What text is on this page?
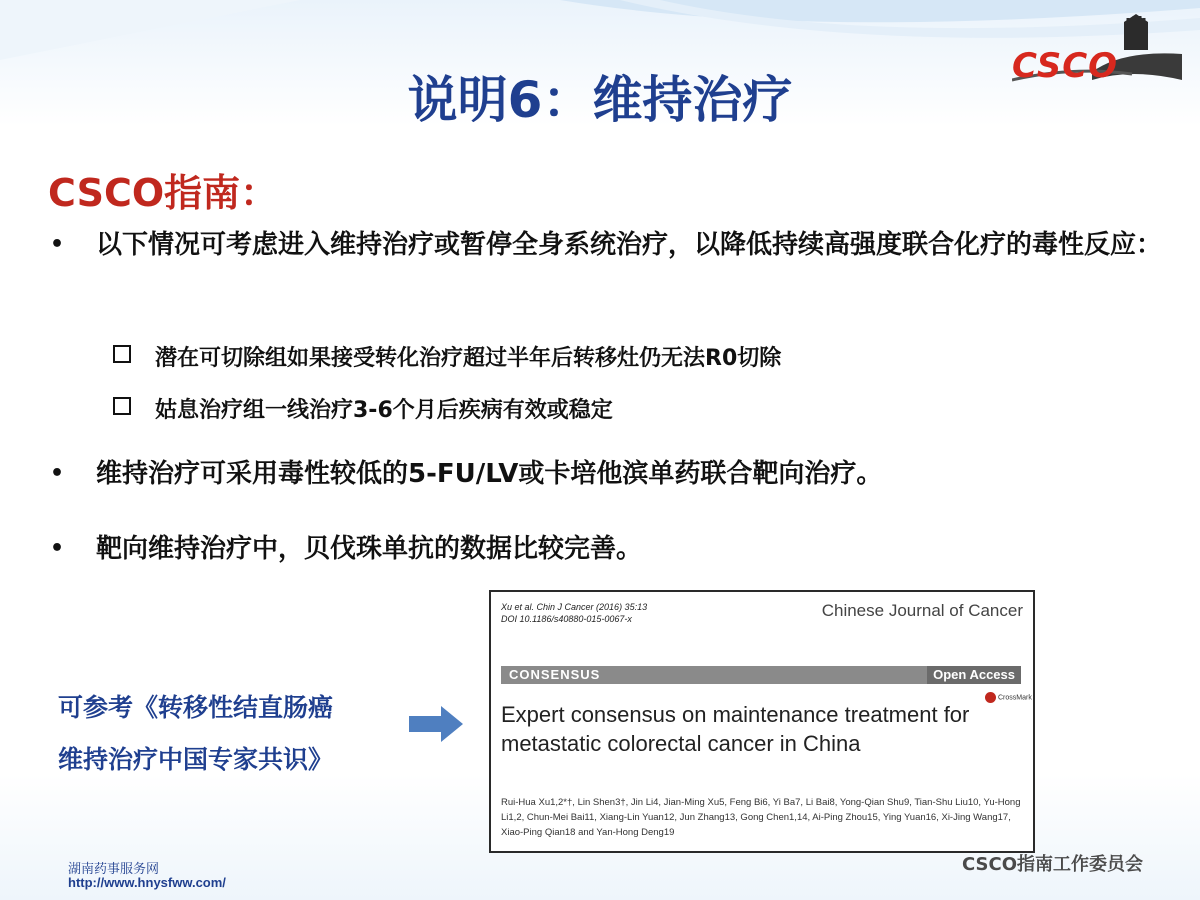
CSCO
说明6：维持治疗
CSCO指南：
• 以下情况可考虑进入维持治疗或暂停全身系统治疗，以降低持续高强度联合化疗的毒性反应：
潜在可切除组如果接受转化治疗超过半年后转移灶仍无法R0切除
姑息治疗组一线治疗3-6个月后疾病有效或稳定
• 维持治疗可采用毒性较低的5-FU/LV或卡培他滨单药联合靶向治疗。
• 靶向维持治疗中，贝伐珠单抗的数据比较完善。
可参考《转移性结直肠癌
维持治疗中国专家共识》
Xu et al. Chin J Cancer (2016) 35:13
DOI 10.1186/s40880-015-0067-x	Chinese Journal of Cancer
CONSENSUS	Open Access
CrossMark
Expert consensus on maintenance treatment for metastatic colorectal cancer in China
Rui-Hua Xu1,2*†, Lin Shen3†, Jin Li4, Jian-Ming Xu5, Feng Bi6, Yi Ba7, Li Bai8, Yong-Qian Shu9, Tian-Shu Liu10, Yu-Hong Li1,2, Chun-Mei Bai11, Xiang-Lin Yuan12, Jun Zhang13, Gong Chen1,14, Ai-Ping Zhou15, Ying Yuan16, Xi-Jing Wang17, Xiao-Ping Qian18 and Yan-Hong Deng19
湖南药事服务网
http://www.hnysfww.com/
CSCO指南工作委员会
